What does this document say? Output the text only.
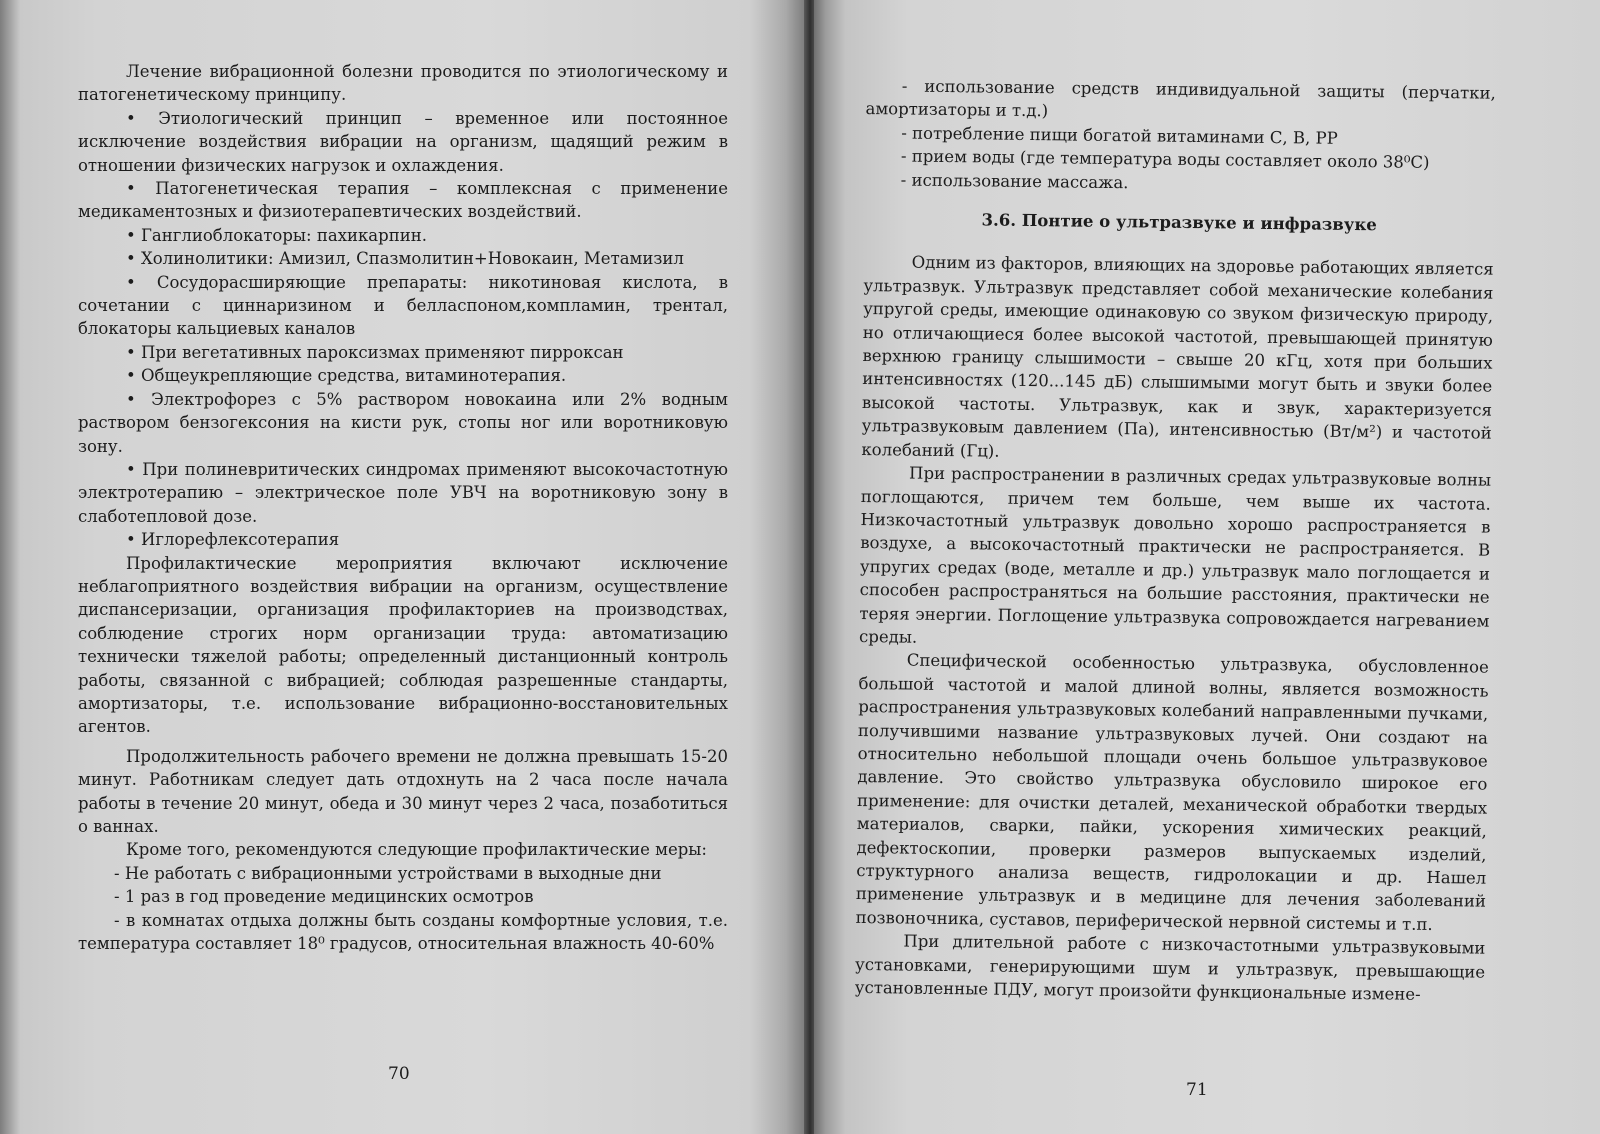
Лечение вибрационной болезни проводится по этиологическому и патогенетическому принципу.

• Этиологический принцип – временное или постоянное исключение воздействия вибрации на организм, щадящий режим в отношении физических нагрузок и охлаждения.

• Патогенетическая терапия – комплексная с применение медикаментозных и физиотерапевтических воздействий.

• Ганглиоблокаторы: пахикарпин.

• Холинолитики: Амизил, Спазмолитин+Новокаин, Метамизил

• Сосудорасширяющие препараты: никотиновая кислота, в сочетании с циннаризином и белласпоном,компламин, трентал, блокаторы кальциевых каналов

• При вегетативных пароксизмах применяют пирроксан

• Общеукрепляющие средства, витаминотерапия.

• Электрофорез с 5% раствором новокаина или 2% водным раствором бензогексония на кисти рук, стопы ног или воротниковую зону.

• При полиневритических синдромах применяют высокочастотную электротерапию – электрическое поле УВЧ на воротниковую зону в слаботепловой дозе.

• Иглорефлексотерапия

Профилактические мероприятия включают исключение неблагоприятного воздействия вибрации на организм, осуществление диспансеризации, организация профилакториев на производствах, соблюдение строгих норм организации труда: автоматизацию технически тяжелой работы; определенный дистанционный контроль работы, связанной с вибрацией; соблюдая разрешенные стандарты, амортизаторы, т.е. использование вибрационно-восстановительных агентов.

Продолжительность рабочего времени не должна превышать 15-20 минут. Работникам следует дать отдохнуть на 2 часа после начала работы в течение 20 минут, обеда и 30 минут через 2 часа, позаботиться о ваннах.

Кроме того, рекомендуются следующие профилактические меры:

- Не работать с вибрационными устройствами в выходные дни

- 1 раз в год проведение медицинских осмотров

- в комнатах отдыха должны быть созданы комфортные условия, т.е. температура составляет 18⁰ градусов, относительная влажность 40-60%

70

- использование средств индивидуальной защиты (перчатки, амортизаторы и т.д.)

- потребление пищи богатой витаминами С, В, РР

- прием воды (где температура воды составляет около 38⁰С)

- использование массажа.

3.6. Понтие о ультразвуке и инфразвуке

Одним из факторов, влияющих на здоровье работающих является ультразвук. Ультразвук представляет собой механические колебания упругой среды, имеющие одинаковую со звуком физическую природу, но отличающиеся более высокой частотой, превышающей принятую верхнюю границу слышимости – свыше 20 кГц, хотя при больших интенсивностях (120...145 дБ) слышимыми могут быть и звуки более высокой частоты. Ультразвук, как и звук, характеризуется ультразвуковым давлением (Па), интенсивностью (Вт/м²) и частотой колебаний (Гц).

При распространении в различных средах ультразвуковые волны поглощаются, причем тем больше, чем выше их частота. Низкочастотный ультразвук довольно хорошо распространяется в воздухе, а высокочастотный практически не распространяется. В упругих средах (воде, металле и др.) ультразвук мало поглощается и способен распространяться на большие расстояния, практически не теряя энергии. Поглощение ультразвука сопровождается нагреванием среды.

Специфической особенностью ультразвука, обусловленное большой частотой и малой длиной волны, является возможность распространения ультразвуковых колебаний направленными пучками, получившими название ультразвуковых лучей. Они создают на относительно небольшой площади очень большое ультразвуковое давление. Это свойство ультразвука обусловило широкое его применение: для очистки деталей, механической обработки твердых материалов, сварки, пайки, ускорения химических реакций, дефектоскопии, проверки размеров выпускаемых изделий, структурного анализа веществ, гидролокации и др. Нашел применение ультразвук и в медицине для лечения заболеваний позвоночника, суставов, периферической нервной системы и т.п.

При длительной работе с низкочастотными ультразвуковыми установками, генерирующими шум и ультразвук, превышающие установленные ПДУ, могут произойти функциональные измене-

71
